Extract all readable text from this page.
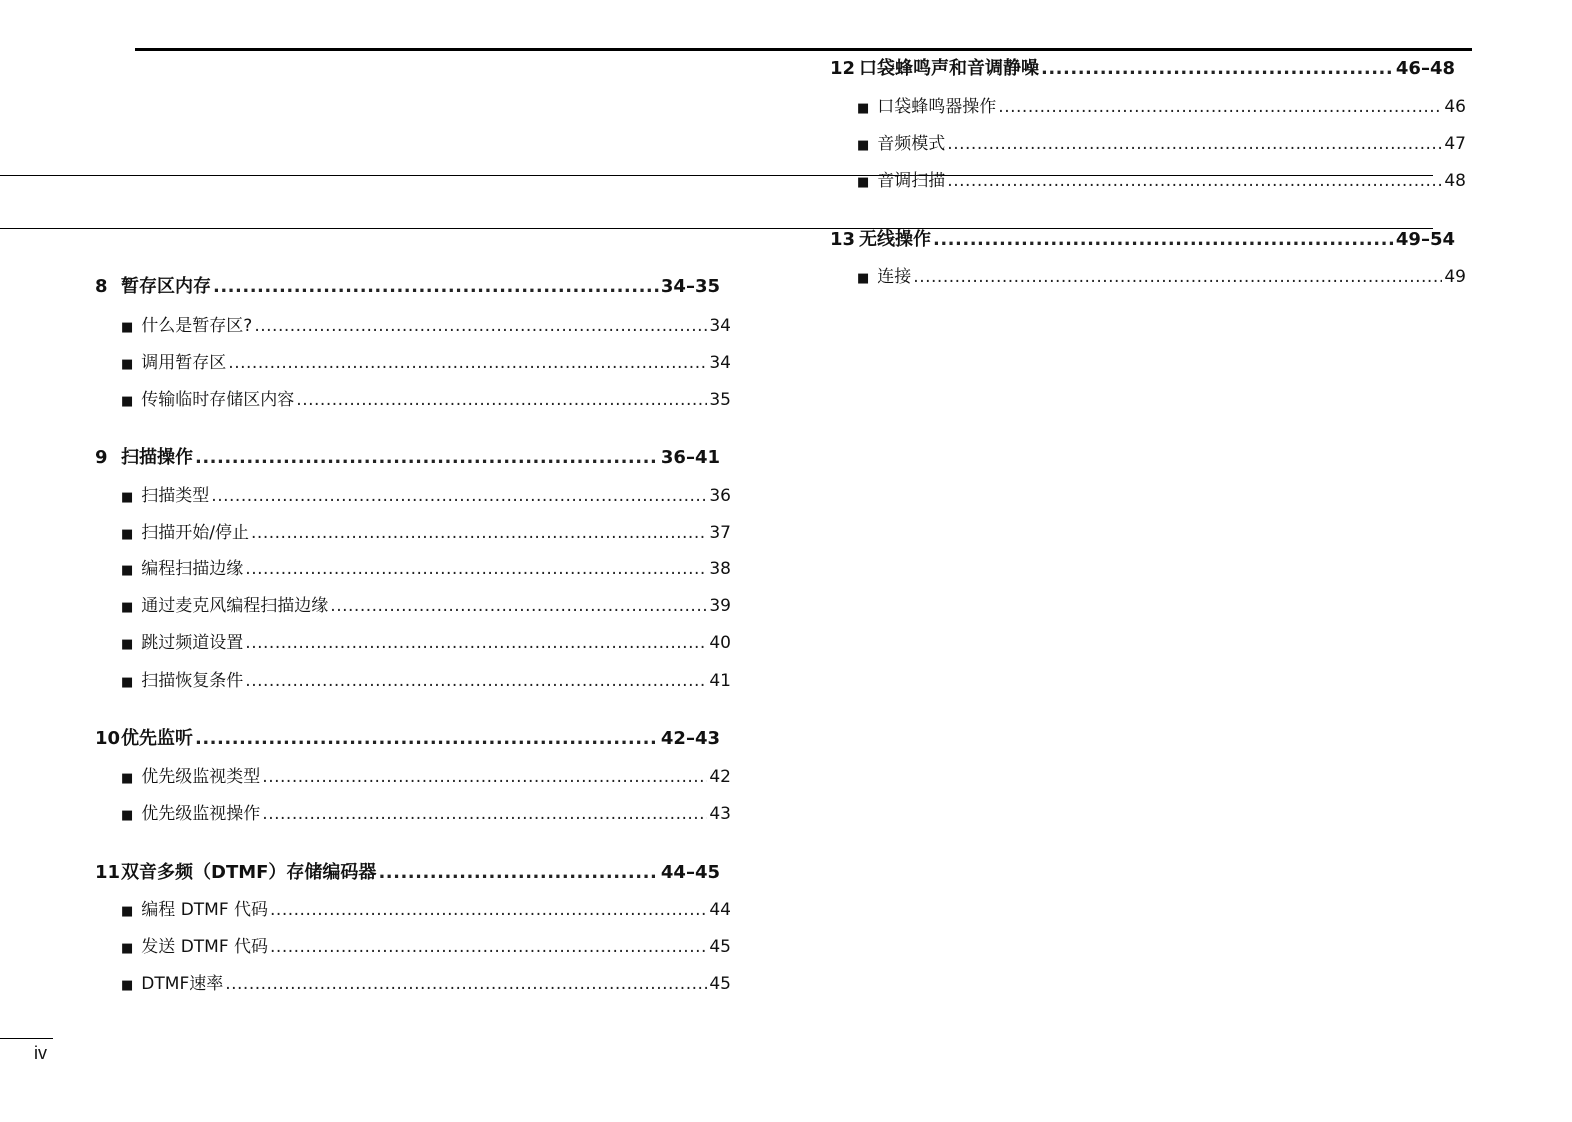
8 暂存区内存 .....	34–35
■ 什么是暂存区? .....	34
■ 调用暂存区 .....	34
■ 传输临时存储区内容 .....	35
9 扫描操作 .....	36–41
■ 扫描类型 .....	36
■ 扫描开始/停止 .....	37
■ 编程扫描边缘 .....	38
■ 通过麦克风编程扫描边缘 .....	39
■ 跳过频道设置 .....	40
■ 扫描恢复条件 .....	41
10 优先监听 .....	42–43
■ 优先级监视类型 .....	42
■ 优先级监视操作 .....	43
11 双音多频（DTMF）存储编码器 .....	44–45
■ 编程 DTMF 代码 .....	44
■ 发送 DTMF 代码 .....	45
■ DTMF速率 .....	45
12 口袋蜂鸣声和音调静噪 .....	46–48
■ 口袋蜂鸣器操作 .....	46
■ 音频模式 .....	47
■ 音调扫描 .....	48
13 无线操作 .....	49–54
■ 连接 .....	49
iv
